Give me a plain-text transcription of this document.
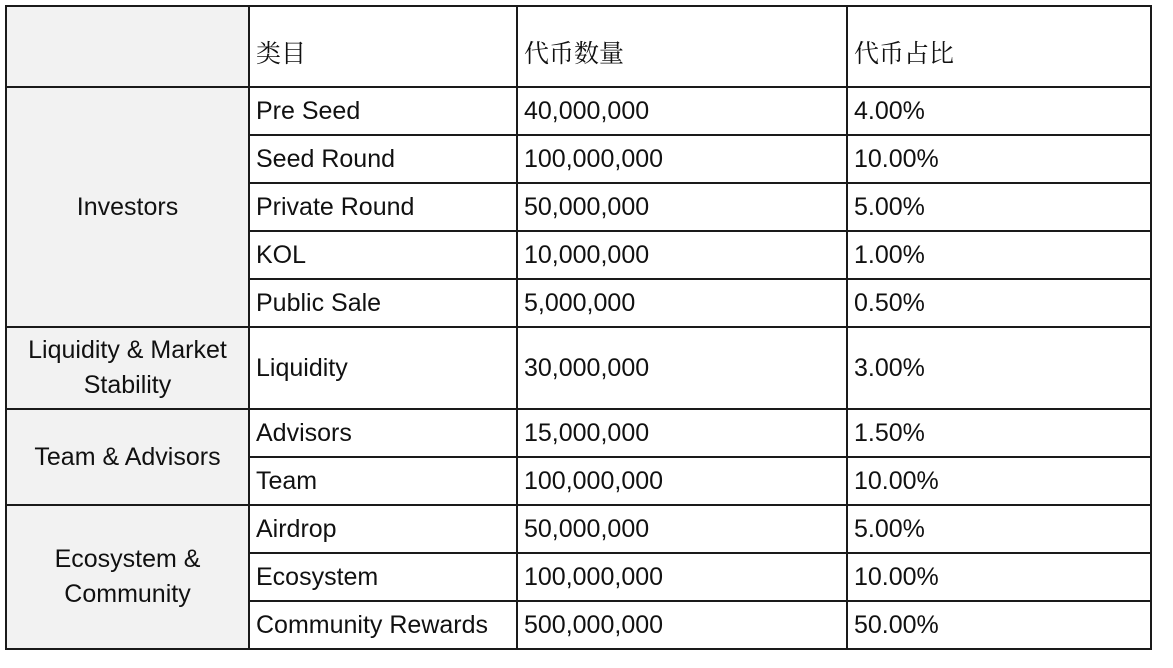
	类目	代币数量	代币占比
Investors	Pre Seed	40,000,000	4.00%
	Seed Round	100,000,000	10.00%
	Private Round	50,000,000	5.00%
	KOL	10,000,000	1.00%
	Public Sale	5,000,000	0.50%
Liquidity & Market Stability	Liquidity	30,000,000	3.00%
Team & Advisors	Advisors	15,000,000	1.50%
	Team	100,000,000	10.00%
Ecosystem & Community	Airdrop	50,000,000	5.00%
	Ecosystem	100,000,000	10.00%
	Community Rewards	500,000,000	50.00%
